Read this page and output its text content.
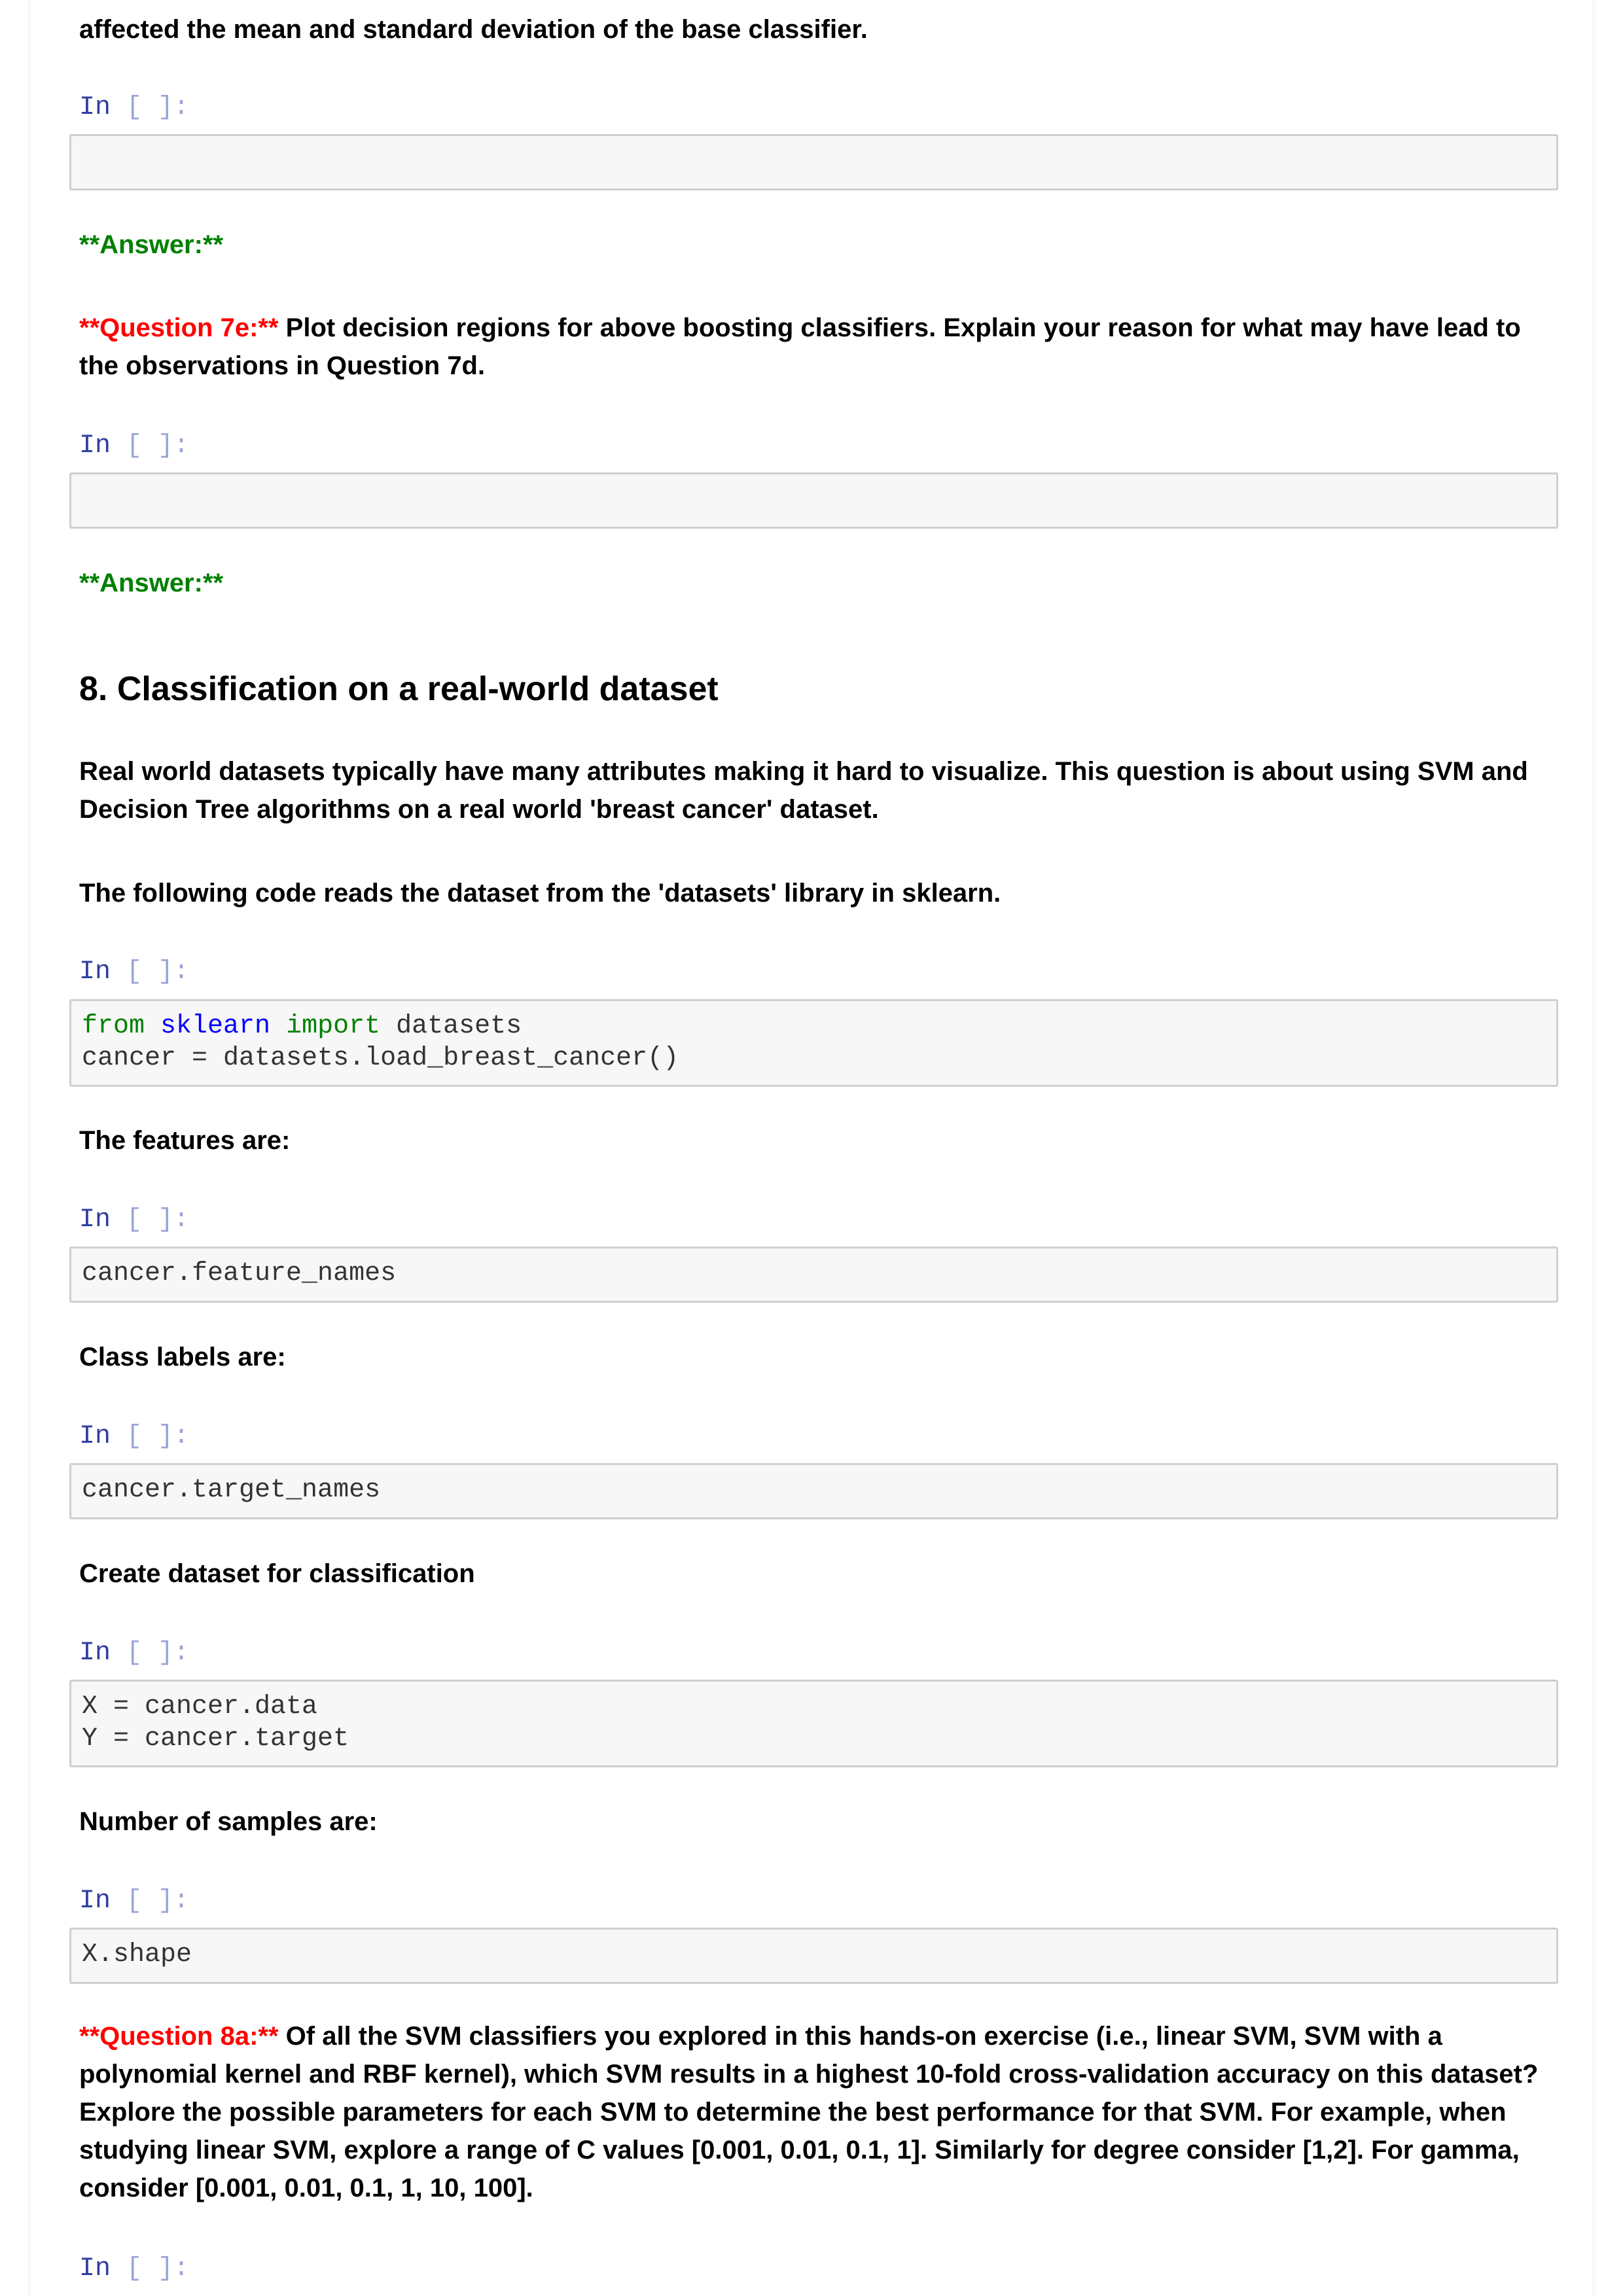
affected the mean and standard deviation of the base classifier.

In [ ]:

**Answer:**

**Question 7e:** Plot decision regions for above boosting classifiers. Explain your reason for what may have lead to the observations in Question 7d.

In [ ]:

**Answer:**

8. Classification on a real-world dataset

Real world datasets typically have many attributes making it hard to visualize. This question is about using SVM and Decision Tree algorithms on a real world 'breast cancer' dataset.

The following code reads the dataset from the 'datasets' library in sklearn.

In [ ]:
from sklearn import datasets
cancer = datasets.load_breast_cancer()

The features are:

In [ ]:
cancer.feature_names

Class labels are:

In [ ]:
cancer.target_names

Create dataset for classification

In [ ]:
X = cancer.data
Y = cancer.target

Number of samples are:

In [ ]:
X.shape

**Question 8a:** Of all the SVM classifiers you explored in this hands-on exercise (i.e., linear SVM, SVM with a polynomial kernel and RBF kernel), which SVM results in a highest 10-fold cross-validation accuracy on this dataset? Explore the possible parameters for each SVM to determine the best performance for that SVM. For example, when studying linear SVM, explore a range of C values [0.001, 0.01, 0.1, 1]. Similarly for degree consider [1,2]. For gamma, consider [0.001, 0.01, 0.1, 1, 10, 100].

In [ ]:
